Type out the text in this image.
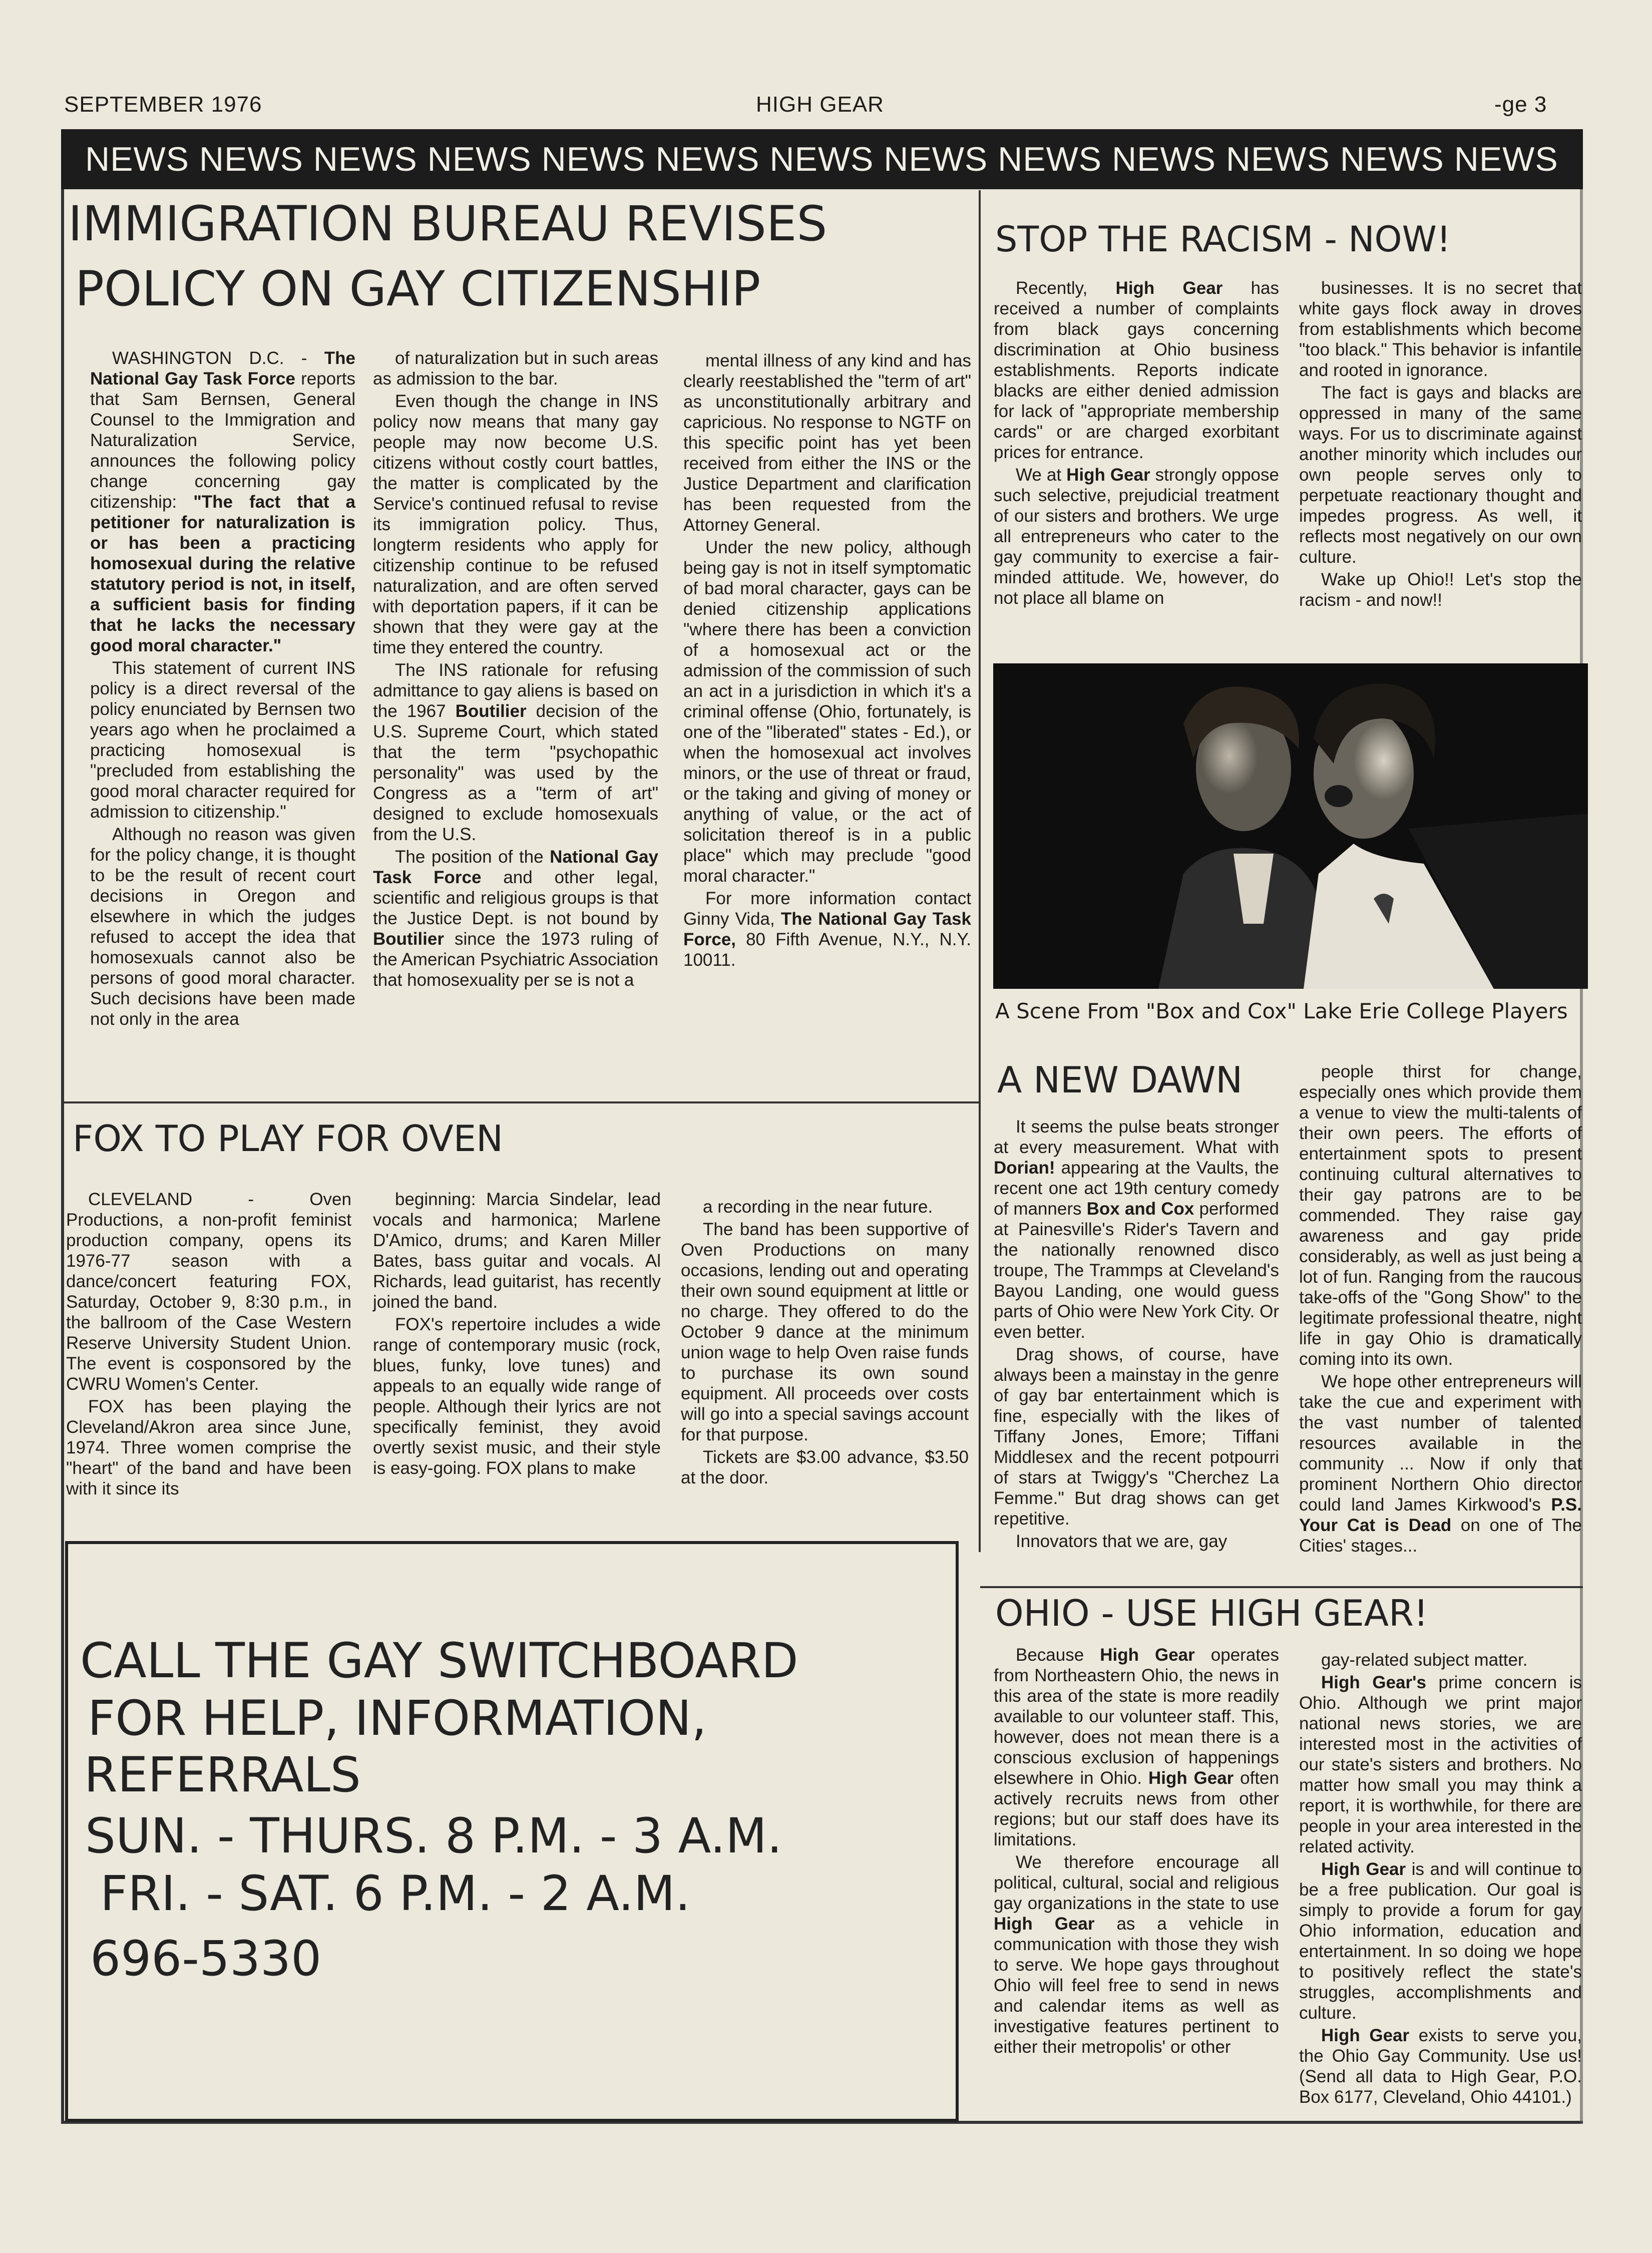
SEPTEMBER 1976	HIGH GEAR	-ge 3
NEWS NEWS NEWS NEWS NEWS NEWS NEWS NEWS NEWS NEWS NEWS NEWS NEWS
IMMIGRATION BUREAU REVISES
POLICY ON GAY CITIZENSHIP

WASHINGTON D.C. - The National Gay Task Force reports that Sam Bernsen, General Counsel to the Immigration and Naturalization Service, announces the following policy change concerning gay citizenship: "The fact that a petitioner for naturalization is or has been a practicing homosexual during the relative statutory period is not, in itself, a sufficient basis for finding that he lacks the necessary good moral character."

This statement of current INS policy is a direct reversal of the policy enunciated by Bernsen two years ago when he proclaimed a practicing homosexual is "precluded from establishing the good moral character required for admission to citizenship."

Although no reason was given for the policy change, it is thought to be the result of recent court decisions in Oregon and elsewhere in which the judges refused to accept the idea that homosexuals cannot also be persons of good moral character. Such decisions have been made not only in the area

of naturalization but in such areas as admission to the bar.

Even though the change in INS policy now means that many gay people may now become U.S. citizens without costly court battles, the matter is complicated by the Service's continued refusal to revise its immigration policy. Thus, longterm residents who apply for citizenship continue to be refused naturalization, and are often served with deportation papers, if it can be shown that they were gay at the time they entered the country.

The INS rationale for refusing admittance to gay aliens is based on the 1967 Boutilier decision of the U.S. Supreme Court, which stated that the term "psychopathic personality" was used by the Congress as a "term of art" designed to exclude homosexuals from the U.S.

The position of the National Gay Task Force and other legal, scientific and religious groups is that the Justice Dept. is not bound by Boutilier since the 1973 ruling of the American Psychiatric Association that homosexuality per se is not a

mental illness of any kind and has clearly reestablished the "term of art" as unconstitutionally arbitrary and capricious. No response to NGTF on this specific point has yet been received from either the INS or the Justice Department and clarification has been requested from the Attorney General.

Under the new policy, although being gay is not in itself symptomatic of bad moral character, gays can be denied citizenship applications "where there has been a conviction of a homosexual act or the admission of the commission of such an act in a jurisdiction in which it's a criminal offense (Ohio, fortunately, is one of the "liberated" states - Ed.), or when the homosexual act involves minors, or the use of threat or fraud, or the taking and giving of money or anything of value, or the act of solicitation thereof is in a public place" which may preclude "good moral character."

For more information contact Ginny Vida, The National Gay Task Force, 80 Fifth Avenue, N.Y., N.Y. 10011.

STOP THE RACISM - NOW!

Recently, High Gear has received a number of complaints from black gays concerning discrimination at Ohio business establishments. Reports indicate blacks are either denied admission for lack of "appropriate membership cards" or are charged exorbitant prices for entrance.

We at High Gear strongly oppose such selective, prejudicial treatment of our sisters and brothers. We urge all entrepreneurs who cater to the gay community to exercise a fair-minded attitude. We, however, do not place all blame on

businesses. It is no secret that white gays flock away in droves from establishments which become "too black." This behavior is infantile and rooted in ignorance.

The fact is gays and blacks are oppressed in many of the same ways. For us to discriminate against another minority which includes our own people serves only to perpetuate reactionary thought and impedes progress. As well, it reflects most negatively on our own culture.

Wake up Ohio!! Let's stop the racism - and now!!

A Scene From "Box and Cox" Lake Erie College Players
FOX TO PLAY FOR OVEN

CLEVELAND - Oven Productions, a non-profit feminist production company, opens its 1976-77 season with a dance/concert featuring FOX, Saturday, October 9, 8:30 p.m., in the ballroom of the Case Western Reserve University Student Union. The event is cosponsored by the CWRU Women's Center.

FOX has been playing the Cleveland/Akron area since June, 1974. Three women comprise the "heart" of the band and have been with it since its

beginning: Marcia Sindelar, lead vocals and harmonica; Marlene D'Amico, drums; and Karen Miller Bates, bass guitar and vocals. Al Richards, lead guitarist, has recently joined the band.

FOX's repertoire includes a wide range of contemporary music (rock, blues, funky, love tunes) and appeals to an equally wide range of people. Although their lyrics are not specifically feminist, they avoid overtly sexist music, and their style is easy-going. FOX plans to make

a recording in the near future.

The band has been supportive of Oven Productions on many occasions, lending out and operating their own sound equipment at little or no charge. They offered to do the October 9 dance at the minimum union wage to help Oven raise funds to purchase its own sound equipment. All proceeds over costs will go into a special savings account for that purpose.

Tickets are $3.00 advance, $3.50 at the door.

A NEW DAWN

It seems the pulse beats stronger at every measurement. What with Dorian! appearing at the Vaults, the recent one act 19th century comedy of manners Box and Cox performed at Painesville's Rider's Tavern and the nationally renowned disco troupe, The Trammps at Cleveland's Bayou Landing, one would guess parts of Ohio were New York City. Or even better.

Drag shows, of course, have always been a mainstay in the genre of gay bar entertainment which is fine, especially with the likes of Tiffany Jones, Emore; Tiffani Middlesex and the recent potpourri of stars at Twiggy's "Cherchez La Femme." But drag shows can get repetitive.

Innovators that we are, gay

people thirst for change, especially ones which provide them a venue to view the multi-talents of their own peers. The efforts of entertainment spots to present continuing cultural alternatives to their gay patrons are to be commended. They raise gay awareness and gay pride considerably, as well as just being a lot of fun. Ranging from the raucous take-offs of the "Gong Show" to the legitimate professional theatre, night life in gay Ohio is dramatically coming into its own.

We hope other entrepreneurs will take the cue and experiment with the vast number of talented resources available in the community ... Now if only that prominent Northern Ohio director could land James Kirkwood's P.S. Your Cat is Dead on one of The Cities' stages...

OHIO - USE HIGH GEAR!

Because High Gear operates from Northeastern Ohio, the news in this area of the state is more readily available to our volunteer staff. This, however, does not mean there is a conscious exclusion of happenings elsewhere in Ohio. High Gear often actively recruits news from other regions; but our staff does have its limitations.

We therefore encourage all political, cultural, social and religious gay organizations in the state to use High Gear as a vehicle in communication with those they wish to serve. We hope gays throughout Ohio will feel free to send in news and calendar items as well as investigative features pertinent to either their metropolis' or other

gay-related subject matter.

High Gear's prime concern is Ohio. Although we print major national news stories, we are interested most in the activities of our state's sisters and brothers. No matter how small you may think a report, it is worthwhile, for there are people in your area interested in the related activity.

High Gear is and will continue to be a free publication. Our goal is simply to provide a forum for gay Ohio information, education and entertainment. In so doing we hope to positively reflect the state's struggles, accomplishments and culture.

High Gear exists to serve you, the Ohio Gay Community. Use us! (Send all data to High Gear, P.O. Box 6177, Cleveland, Ohio 44101.)

CALL THE GAY SWITCHBOARD
FOR HELP, INFORMATION,
REFERRALS
SUN. - THURS. 8 P.M. - 3 A.M.
FRI. - SAT. 6 P.M. - 2 A.M.
696-5330
